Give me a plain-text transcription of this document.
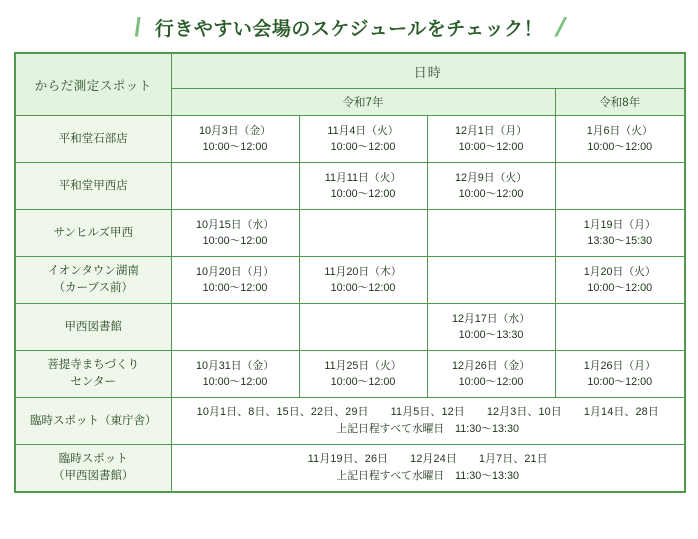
\ 行きやすい会場のスケジュールをチェック！ /
からだ測定スポット	日時			
	令和7年			令和8年
平和堂石部店	10月3日（金）
10:00〜12:00	11月4日（火）
10:00〜12:00	12月1日（月）
10:00〜12:00	1月6日（火）
10:00〜12:00

平和堂甲西店		11月11日（火）
10:00〜12:00	12月9日（火）
10:00〜12:00	

サンヒルズ甲西	10月15日（水）
10:00〜12:00			1月19日（月）
13:30〜15:30

イオンタウン湖南
（カーブス前）	10月20日（月）
10:00〜12:00	11月20日（木）
10:00〜12:00		1月20日（火）
10:00〜12:00

甲西図書館			12月17日（水）
10:00〜13:30	

菩提寺まちづくり
センター	10月31日（金）
10:00〜12:00	11月25日（火）
10:00〜12:00	12月26日（金）
10:00〜12:00	1月26日（月）
10:00〜12:00

臨時スポット（東庁舎）	10月1日、8日、15日、22日、29日　　11月5日、12日　　12月3日、10日　　1月14日、28日
上記日程すべて水曜日　11:30〜13:30			

臨時スポット
（甲西図書館）	11月19日、26日　　12月24日　　1月7日、21日
上記日程すべて水曜日　11:30〜13:30			
